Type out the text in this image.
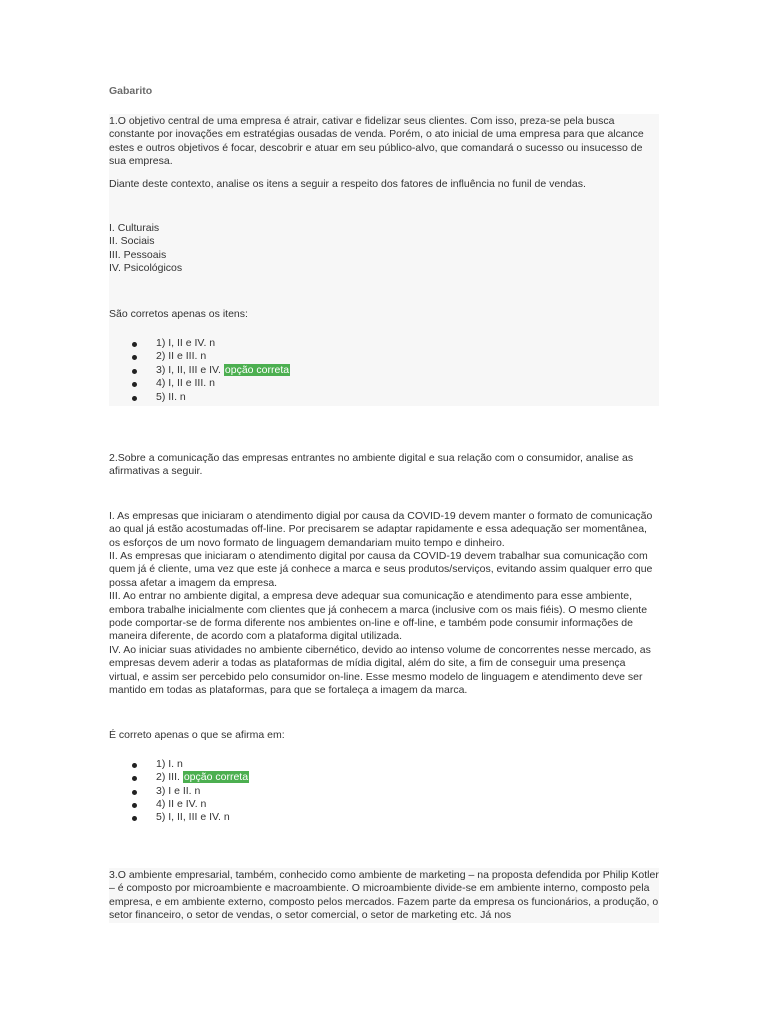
Gabarito

1.O objetivo central de uma empresa é atrair, cativar e fidelizar seus clientes. Com isso, preza-se pela busca constante por inovações em estratégias ousadas de venda. Porém, o ato inicial de uma empresa para que alcance estes e outros objetivos é focar, descobrir e atuar em seu público-alvo, que comandará o sucesso ou insucesso de sua empresa.

Diante deste contexto, analise os itens a seguir a respeito dos fatores de influência no funil de vendas.

I. Culturais
II. Sociais
III. Pessoais
IV. Psicológicos

São corretos apenas os itens:

1) I, II e IV. n
2) II e III. n
3) I, II, III e IV. opção correta
4) I, II e III. n
5) II. n

2.Sobre a comunicação das empresas entrantes no ambiente digital e sua relação com o consumidor, analise as afirmativas a seguir.

I. As empresas que iniciaram o atendimento digial por causa da COVID-19 devem manter o formato de comunicação ao qual já estão acostumadas off-line. Por precisarem se adaptar rapidamente e essa adequação ser momentânea, os esforços de um novo formato de linguagem demandariam muito tempo e dinheiro.

II. As empresas que iniciaram o atendimento digital por causa da COVID-19 devem trabalhar sua comunicação com quem já é cliente, uma vez que este já conhece a marca e seus produtos/serviços, evitando assim qualquer erro que possa afetar a imagem da empresa.

III. Ao entrar no ambiente digital, a empresa deve adequar sua comunicação e atendimento para esse ambiente, embora trabalhe inicialmente com clientes que já conhecem a marca (inclusive com os mais fiéis). O mesmo cliente pode comportar-se de forma diferente nos ambientes on-line e off-line, e também pode consumir informações de maneira diferente, de acordo com a plataforma digital utilizada.

IV. Ao iniciar suas atividades no ambiente cibernético, devido ao intenso volume de concorrentes nesse mercado, as empresas devem aderir a todas as plataformas de mídia digital, além do site, a fim de conseguir uma presença virtual, e assim ser percebido pelo consumidor on-line. Esse mesmo modelo de linguagem e atendimento deve ser mantido em todas as plataformas, para que se fortaleça a imagem da marca.

É correto apenas o que se afirma em:

1) I. n
2) III. opção correta
3) I e II. n
4) II e IV. n
5) I, II, III e IV. n

3.O ambiente empresarial, também, conhecido como ambiente de marketing – na proposta defendida por Philip Kotler – é composto por microambiente e macroambiente. O microambiente divide-se em ambiente interno, composto pela empresa, e em ambiente externo, composto pelos mercados. Fazem parte da empresa os funcionários, a produção, o setor financeiro, o setor de vendas, o setor comercial, o setor de marketing etc. Já nos
